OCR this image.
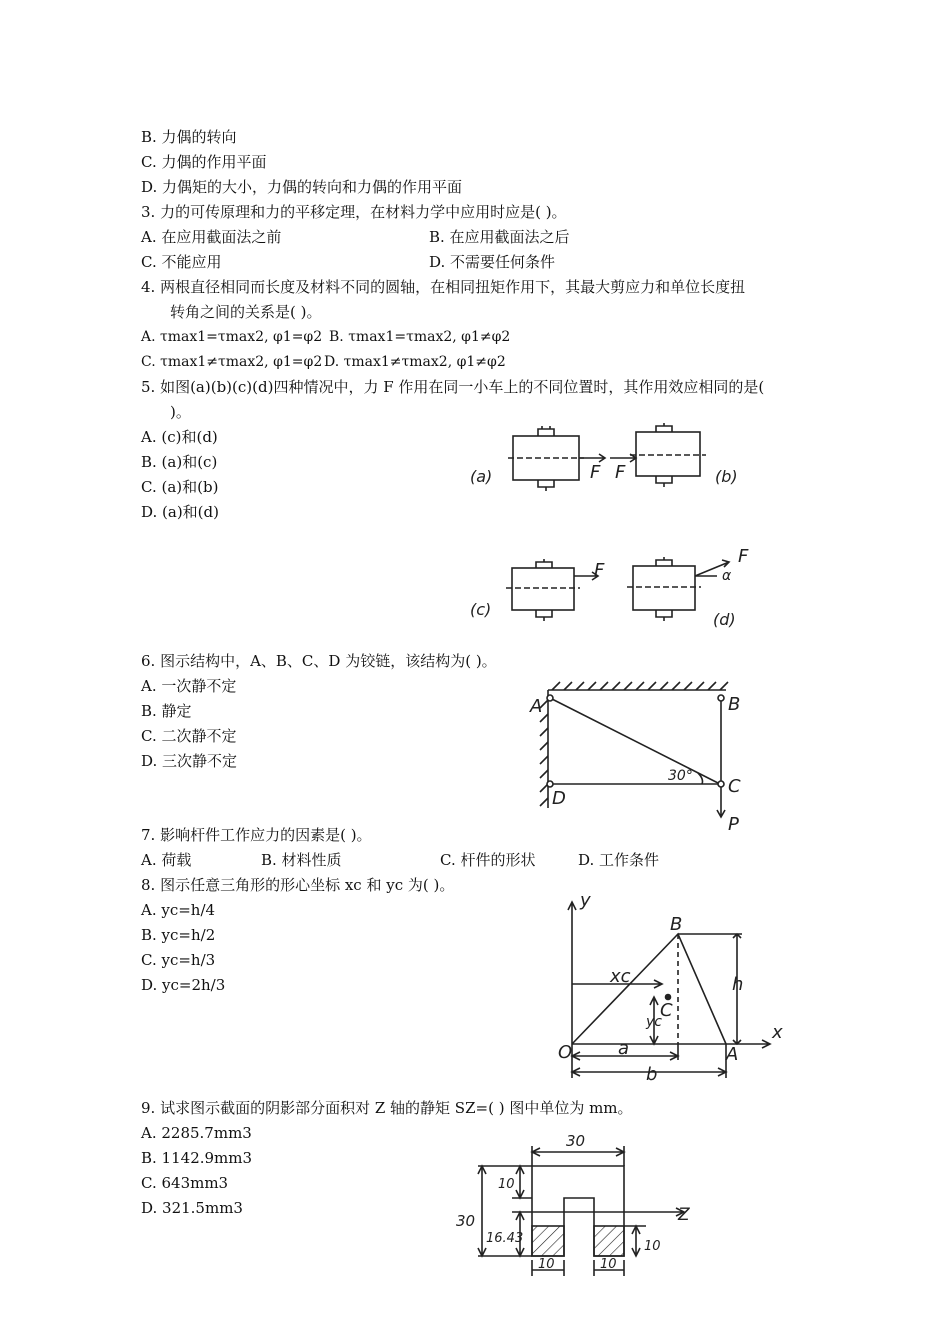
B. 力偶的转向
C. 力偶的作用平面
D. 力偶矩的大小，力偶的转向和力偶的作用平面
3. 力的可传原理和力的平移定理，在材料力学中应用时应是( )。
A. 在应用截面法之前	B. 在应用截面法之后
C. 不能应用	D. 不需要任何条件
4. 两根直径相同而长度及材料不同的圆轴，在相同扭矩作用下，其最大剪应力和单位长度扭
转角之间的关系是( )。
A. τmax1=τmax2, φ1=φ2 B. τmax1=τmax2, φ1≠φ2
C. τmax1≠τmax2, φ1=φ2 D. τmax1≠τmax2, φ1≠φ2
5. 如图(a)(b)(c)(d)四种情况中，力 F 作用在同一小车上的不同位置时，其作用效应相同的是(
)。
A. (c)和(d)
B. (a)和(c)
C. (a)和(b)
D. (a)和(d)
F
(a)	F	(b)
F
(c)
α
F
(d)
6. 图示结构中，A、B、C、D 为铰链，该结构为( )。
A. 一次静不定
B. 静定
C. 二次静不定
D. 三次静不定
A	B
C
D
30°
P
7. 影响杆件工作应力的因素是( )。
A. 荷载	B. 材料性质	C. 杆件的形状	D. 工作条件
8. 图示任意三角形的形心坐标 xc 和 yc 为( )。
A. yc=h/4
B. yc=h/2
C. yc=h/3
D. yc=2h/3
y
x
B
O	A
C
xc
yc
h
a
b
9. 试求图示截面的阴影部分面积对 Z 轴的静矩 SZ=( ) 图中单位为 mm。
A. 2285.7mm3
B. 1142.9mm3
C. 643mm3
D. 321.5mm3
30
30
10
16.43
Z
10
10	10
